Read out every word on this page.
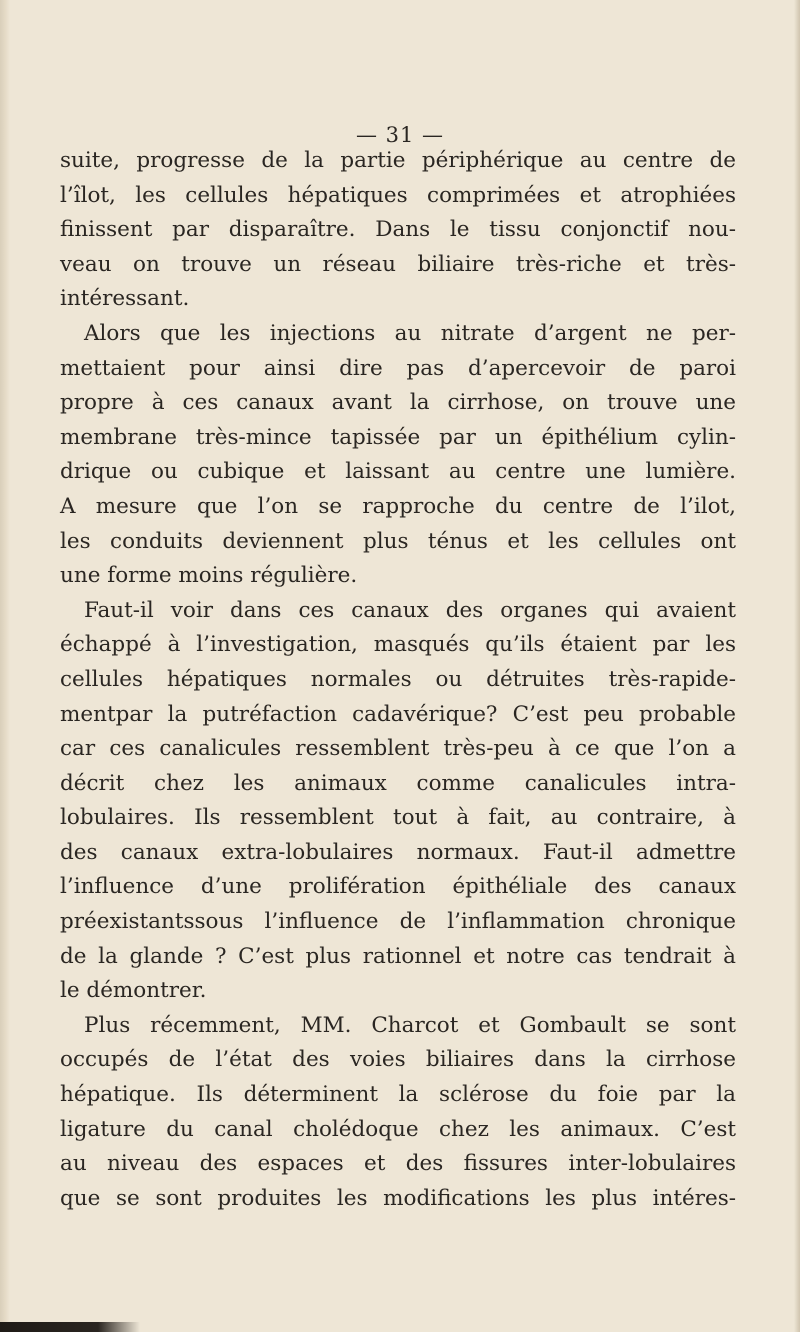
— 31 —
suite, progresse de la partie périphérique au centre de
l’îlot, les cellules hépatiques comprimées et atrophiées
finissent par disparaître. Dans le tissu conjonctif nou-
veau on trouve un réseau biliaire très-riche et très-
intéressant.
Alors que les injections au nitrate d’argent ne per-
mettaient pour ainsi dire pas d’apercevoir de paroi
propre à ces canaux avant la cirrhose, on trouve une
membrane très-mince tapissée par un épithélium cylin-
drique ou cubique et laissant au centre une lumière.
A mesure que l’on se rapproche du centre de l’ilot,
les conduits deviennent plus ténus et les cellules ont
une forme moins régulière.
Faut-il voir dans ces canaux des organes qui avaient
échappé à l’investigation, masqués qu’ils étaient par les
cellules hépatiques normales ou détruites très-rapide-
mentpar la putréfaction cadavérique? C’est peu probable
car ces canalicules ressemblent très-peu à ce que l’on a
décrit chez les animaux comme canalicules intra-
lobulaires. Ils ressemblent tout à fait, au contraire, à
des canaux extra-lobulaires normaux. Faut-il admettre
l’influence d’une prolifération épithéliale des canaux
préexistantssous l’influence de l’inflammation chronique
de la glande ? C’est plus rationnel et notre cas tendrait à
le démontrer.
Plus récemment, MM. Charcot et Gombault se sont
occupés de l’état des voies biliaires dans la cirrhose
hépatique. Ils déterminent la sclérose du foie par la
ligature du canal cholédoque chez les animaux. C’est
au niveau des espaces et des fissures inter-lobulaires
que se sont produites les modifications les plus intéres-
